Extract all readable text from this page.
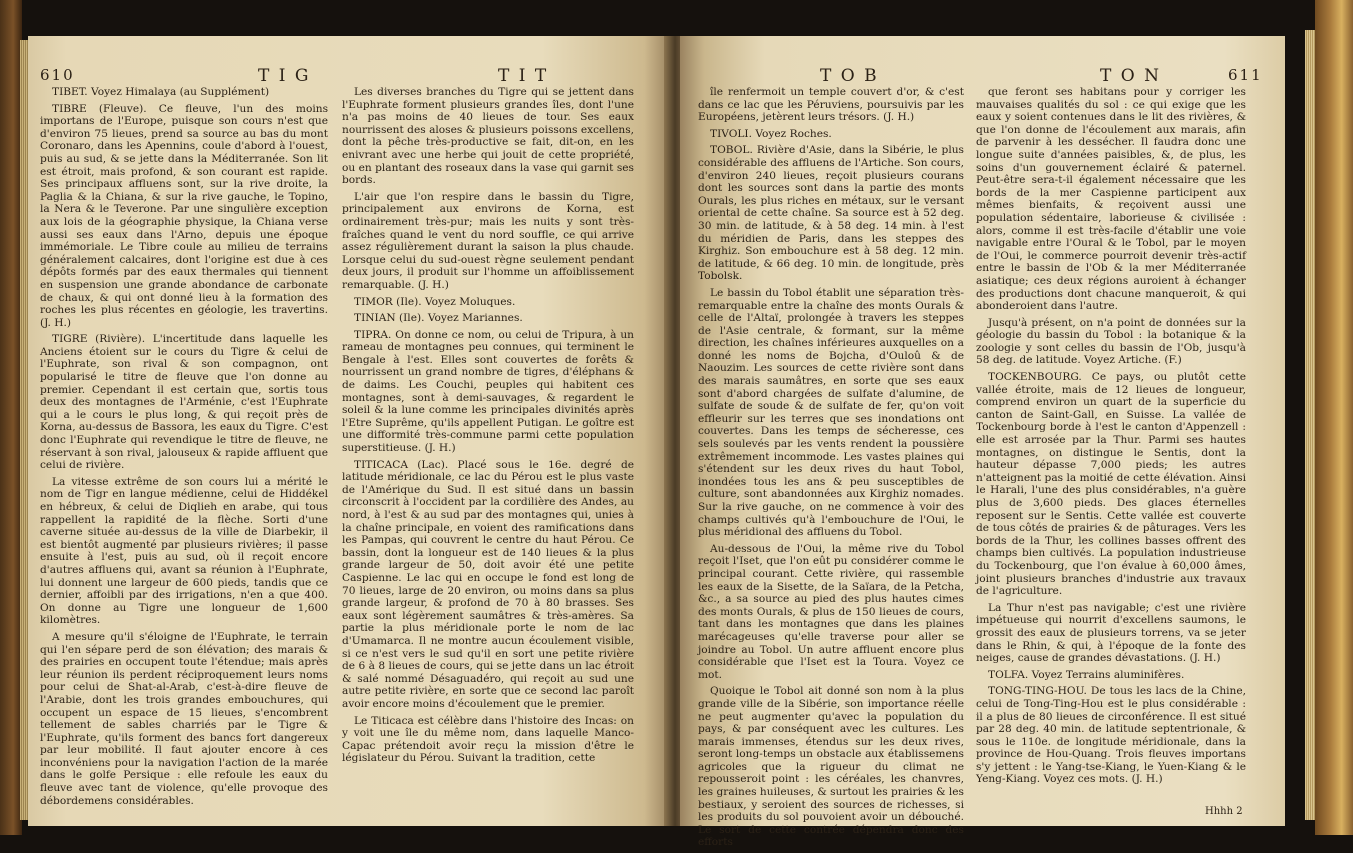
610	T I G	T I T

TIBET. Voyez Himalaya (au Supplément)

TIBRE (Fleuve). Ce fleuve, l'un des moins importans de l'Europe, puisque son cours n'est que d'environ 75 lieues, prend sa source au bas du mont Coronaro, dans les Apennins, coule d'abord à l'ouest, puis au sud, & se jette dans la Méditerranée. Son lit est étroit, mais profond, & son courant est rapide. Ses principaux affluens sont, sur la rive droite, la Paglia & la Chiana, & sur la rive gauche, le Topino, la Nera & le Teverone. Par une singulière exception aux lois de la géographie physique, la Chiana verse aussi ses eaux dans l'Arno, depuis une époque immémoriale. Le Tibre coule au milieu de terrains généralement calcaires, dont l'origine est due à ces dépôts formés par des eaux thermales qui tiennent en suspension une grande abondance de carbonate de chaux, & qui ont donné lieu à la formation des roches les plus récentes en géologie, les travertins. (J. H.)

TIGRE (Rivière). L'incertitude dans laquelle les Anciens étoient sur le cours du Tigre & celui de l'Euphrate, son rival & son compagnon, ont popularisé le titre de fleuve que l'on donne au premier. Cependant il est certain que, sortis tous deux des montagnes de l'Arménie, c'est l'Euphrate qui a le cours le plus long, & qui reçoit près de Korna, au-dessus de Bassora, les eaux du Tigre. C'est donc l'Euphrate qui revendique le titre de fleuve, ne réservant à son rival, jalouseux & rapide affluent que celui de rivière.

La vitesse extrême de son cours lui a mérité le nom de Tigr en langue médienne, celui de Hiddékel en hébreux, & celui de Diqlieh en arabe, qui tous rappellent la rapidité de la flèche. Sorti d'une caverne située au-dessus de la ville de Diarbekir, il est bientôt augmenté par plusieurs rivières; il passe ensuite à l'est, puis au sud, où il reçoit encore d'autres affluens qui, avant sa réunion à l'Euphrate, lui donnent une largeur de 600 pieds, tandis que ce dernier, affoibli par des irrigations, n'en a que 400. On donne au Tigre une longueur de 1,600 kilomètres.

A mesure qu'il s'éloigne de l'Euphrate, le terrain qui l'en sépare perd de son élévation; des marais & des prairies en occupent toute l'étendue; mais après leur réunion ils perdent réciproquement leurs noms pour celui de Shat-al-Arab, c'est-à-dire fleuve de l'Arabie, dont les trois grandes embouchures, qui occupent un espace de 15 lieues, s'encombrent tellement de sables charriés par le Tigre & l'Euphrate, qu'ils forment des bancs fort dangereux par leur mobilité. Il faut ajouter encore à ces inconvéniens pour la navigation l'action de la marée dans le golfe Persique : elle refoule les eaux du fleuve avec tant de violence, qu'elle provoque des débordemens considérables.

Les diverses branches du Tigre qui se jettent dans l'Euphrate forment plusieurs grandes îles, dont l'une n'a pas moins de 40 lieues de tour. Ses eaux nourrissent des aloses & plusieurs poissons excellens, dont la pêche très-productive se fait, dit-on, en les enivrant avec une herbe qui jouit de cette propriété, ou en plantant des roseaux dans la vase qui garnit ses bords.

L'air que l'on respire dans le bassin du Tigre, principalement aux environs de Korna, est ordinairement très-pur; mais les nuits y sont très-fraîches quand le vent du nord souffle, ce qui arrive assez régulièrement durant la saison la plus chaude. Lorsque celui du sud-ouest règne seulement pendant deux jours, il produit sur l'homme un affoiblissement remarquable. (J. H.)

TIMOR (Ile). Voyez Moluques.

TINIAN (Ile). Voyez Mariannes.

TIPRA. On donne ce nom, ou celui de Tripura, à un rameau de montagnes peu connues, qui terminent le Bengale à l'est. Elles sont couvertes de forêts & nourrissent un grand nombre de tigres, d'éléphans & de daims. Les Couchi, peuples qui habitent ces montagnes, sont à demi-sauvages, & regardent le soleil & la lune comme les principales divinités après l'Etre Suprême, qu'ils appellent Putigan. Le goître est une difformité très-commune parmi cette population superstitieuse. (J. H.)

TITICACA (Lac). Placé sous le 16e. degré de latitude méridionale, ce lac du Pérou est le plus vaste de l'Amérique du Sud. Il est situé dans un bassin circonscrit à l'occident par la cordilière des Andes, au nord, à l'est & au sud par des montagnes qui, unies à la chaîne principale, en voient des ramifications dans les Pampas, qui couvrent le centre du haut Pérou. Ce bassin, dont la longueur est de 140 lieues & la plus grande largeur de 50, doit avoir été une petite Caspienne. Le lac qui en occupe le fond est long de 70 lieues, large de 20 environ, ou moins dans sa plus grande largeur, & profond de 70 à 80 brasses. Ses eaux sont légèrement saumâtres & très-amères. Sa partie la plus méridionale porte le nom de lac d'Umamarca. Il ne montre aucun écoulement visible, si ce n'est vers le sud qu'il en sort une petite rivière de 6 à 8 lieues de cours, qui se jette dans un lac étroit & salé nommé Désaguadéro, qui reçoit au sud une autre petite rivière, en sorte que ce second lac paroît avoir encore moins d'écoulement que le premier.

Le Titicaca est célèbre dans l'histoire des Incas: on y voit une île du même nom, dans laquelle Manco-Capac prétendoit avoir reçu la mission d'être le législateur du Pérou. Suivant la tradition, cette

T O B	T O N	611

île renfermoit un temple couvert d'or, & c'est dans ce lac que les Péruviens, poursuivis par les Européens, jetèrent leurs trésors. (J. H.)

TIVOLI. Voyez Roches.

TOBOL. Rivière d'Asie, dans la Sibérie, le plus considérable des affluens de l'Artiche. Son cours, d'environ 240 lieues, reçoit plusieurs courans dont les sources sont dans la partie des monts Ourals, les plus riches en métaux, sur le versant oriental de cette chaîne. Sa source est à 52 deg. 30 min. de latitude, & à 58 deg. 14 min. à l'est du méridien de Paris, dans les steppes des Kirghiz. Son embouchure est à 58 deg. 12 min. de latitude, & 66 deg. 10 min. de longitude, près Tobolsk.

Le bassin du Tobol établit une séparation très-remarquable entre la chaîne des monts Ourals & celle de l'Altaï, prolongée à travers les steppes de l'Asie centrale, & formant, sur la même direction, les chaînes inférieures auxquelles on a donné les noms de Bojcha, d'Ouloû & de Naouzim. Les sources de cette rivière sont dans des marais saumâtres, en sorte que ses eaux sont d'abord chargées de sulfate d'alumine, de sulfate de soude & de sulfate de fer, qu'on voit effleurir sur les terres que ses inondations ont couvertes. Dans les temps de sécheresse, ces sels soulevés par les vents rendent la poussière extrêmement incommode. Les vastes plaines qui s'étendent sur les deux rives du haut Tobol, inondées tous les ans & peu susceptibles de culture, sont abandonnées aux Kirghiz nomades. Sur la rive gauche, on ne commence à voir des champs cultivés qu'à l'embouchure de l'Oui, le plus méridional des affluens du Tobol.

Au-dessous de l'Oui, la même rive du Tobol reçoit l'Iset, que l'on eût pu considérer comme le principal courant. Cette rivière, qui rassemble les eaux de la Sisette, de la Saïara, de la Petcha, &c., a sa source au pied des plus hautes cimes des monts Ourals, & plus de 150 lieues de cours, tant dans les montagnes que dans les plaines marécageuses qu'elle traverse pour aller se joindre au Tobol. Un autre affluent encore plus considérable que l'Iset est la Toura. Voyez ce mot.

Quoique le Tobol ait donné son nom à la plus grande ville de la Sibérie, son importance réelle ne peut augmenter qu'avec la population du pays, & par conséquent avec les cultures. Les marais immenses, étendus sur les deux rives, seront long-temps un obstacle aux établissemens agricoles que la rigueur du climat ne repousseroit point : les céréales, les chanvres, les graines huileuses, & surtout les prairies & les bestiaux, y seroient des sources de richesses, si les produits du sol pouvoient avoir un débouché. Le sort de cette contrée dépendra donc des efforts

que feront ses habitans pour y corriger les mauvaises qualités du sol : ce qui exige que les eaux y soient contenues dans le lit des rivières, & que l'on donne de l'écoulement aux marais, afin de parvenir à les dessécher. Il faudra donc une longue suite d'années paisibles, &, de plus, les soins d'un gouvernement éclairé & paternel. Peut-être sera-t-il également nécessaire que les bords de la mer Caspienne participent aux mêmes bienfaits, & reçoivent aussi une population sédentaire, laborieuse & civilisée : alors, comme il est très-facile d'établir une voie navigable entre l'Oural & le Tobol, par le moyen de l'Oui, le commerce pourroit devenir très-actif entre le bassin de l'Ob & la mer Méditerranée asiatique; ces deux régions auroient à échanger des productions dont chacune manqueroit, & qui abonderoient dans l'autre.

Jusqu'à présent, on n'a point de données sur la géologie du bassin du Tobol : la botanique & la zoologie y sont celles du bassin de l'Ob, jusqu'à 58 deg. de latitude. Voyez Artiche. (F.)

TOCKENBOURG. Ce pays, ou plutôt cette vallée étroite, mais de 12 lieues de longueur, comprend environ un quart de la superficie du canton de Saint-Gall, en Suisse. La vallée de Tockenbourg borde à l'est le canton d'Appenzell : elle est arrosée par la Thur. Parmi ses hautes montagnes, on distingue le Sentis, dont la hauteur dépasse 7,000 pieds; les autres n'atteignent pas la moitié de cette élévation. Ainsi le Harali, l'une des plus considérables, n'a guère plus de 3,600 pieds. Des glaces éternelles reposent sur le Sentis. Cette vallée est couverte de tous côtés de prairies & de pâturages. Vers les bords de la Thur, les collines basses offrent des champs bien cultivés. La population industrieuse du Tockenbourg, que l'on évalue à 60,000 âmes, joint plusieurs branches d'industrie aux travaux de l'agriculture.

La Thur n'est pas navigable; c'est une rivière impétueuse qui nourrit d'excellens saumons, le grossit des eaux de plusieurs torrens, va se jeter dans le Rhin, & qui, à l'époque de la fonte des neiges, cause de grandes dévastations. (J. H.)

TOLFA. Voyez Terrains aluminifères.

TONG-TING-HOU. De tous les lacs de la Chine, celui de Tong-Ting-Hou est le plus considérable : il a plus de 80 lieues de circonférence. Il est situé par 28 deg. 40 min. de latitude septentrionale, & sous le 110e. de longitude méridionale, dans la province de Hou-Quang. Trois fleuves importans s'y jettent : le Yang-tse-Kiang, le Yuen-Kiang & le Yeng-Kiang. Voyez ces mots. (J. H.)

Hhhh 2
